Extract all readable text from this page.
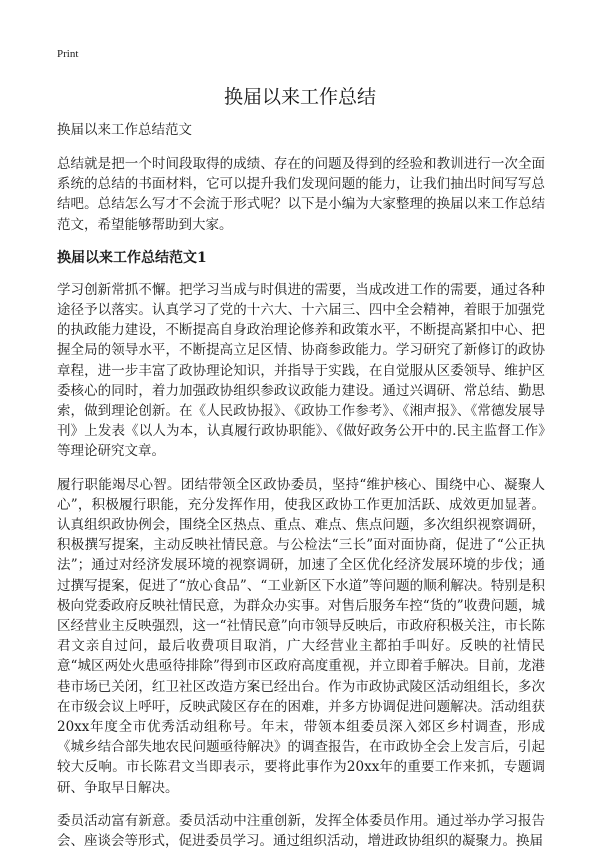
Print
换届以来工作总结
换届以来工作总结范文

总结就是把一个时间段取得的成绩、存在的问题及得到的经验和教训进行一次全面系统的总结的书面材料，它可以提升我们发现问题的能力，让我们抽出时间写写总结吧。总结怎么写才不会流于形式呢？以下是小编为大家整理的换届以来工作总结范文，希望能够帮助到大家。

换届以来工作总结范文1

学习创新常抓不懈。把学习当成与时俱进的需要，当成改进工作的需要，通过各种途径予以落实。认真学习了党的十六大、十六届三、四中全会精神，着眼于加强党的执政能力建设，不断提高自身政治理论修养和政策水平，不断提高紧扣中心、把握全局的领导水平，不断提高立足区情、协商参政能力。学习研究了新修订的政协章程，进一步丰富了政协理论知识，并指导于实践，在自觉服从区委领导、维护区委核心的同时，着力加强政协组织参政议政能力建设。通过兴调研、常总结、勤思索，做到理论创新。在《人民政协报》、《政协工作参考》、《湘声报》、《常德发展导刊》上发表《以人为本，认真履行政协职能》、《做好政务公开中的.民主监督工作》等理论研究文章。

履行职能竭尽心智。团结带领全区政协委员，坚持“维护核心、围绕中心、凝聚人心”，积极履行职能，充分发挥作用，使我区政协工作更加活跃、成效更加显著。认真组织政协例会，围绕全区热点、重点、难点、焦点问题，多次组织视察调研，积极撰写提案，主动反映社情民意。与公检法“三长”面对面协商，促进了“公正执法”；通过对经济发展环境的视察调研，加速了全区优化经济发展环境的步伐；通过撰写提案，促进了“放心食品”、“工业新区下水道”等问题的顺利解决。特别是积极向党委政府反映社情民意，为群众办实事。对售后服务车控“货的”收费问题，城区经营业主反映强烈，这一“社情民意”向市领导反映后，市政府积极关注，市长陈君文亲自过问，最后收费项目取消，广大经营业主都拍手叫好。反映的社情民意“城区两处火患亟待排除”得到市区政府高度重视，并立即着手解决。目前，龙港巷市场已关闭，红卫社区改造方案已经出台。作为市政协武陵区活动组组长，多次在市级会议上呼吁，反映武陵区存在的困难，并多方协调促进问题解决。活动组获20xx年度全市优秀活动组称号。年末，带领本组委员深入郊区乡村调查，形成《城乡结合部失地农民问题亟待解决》的调查报告，在市政协全会上发言后，引起较大反响。市长陈君文当即表示，要将此事作为20xx年的重要工作来抓，专题调研、争取早日解决。

委员活动富有新意。委员活动中注重创新，发挥全体委员作用。通过举办学习报告会、座谈会等形式，促进委员学习。通过组织活动，增进政协组织的凝聚力。换届
